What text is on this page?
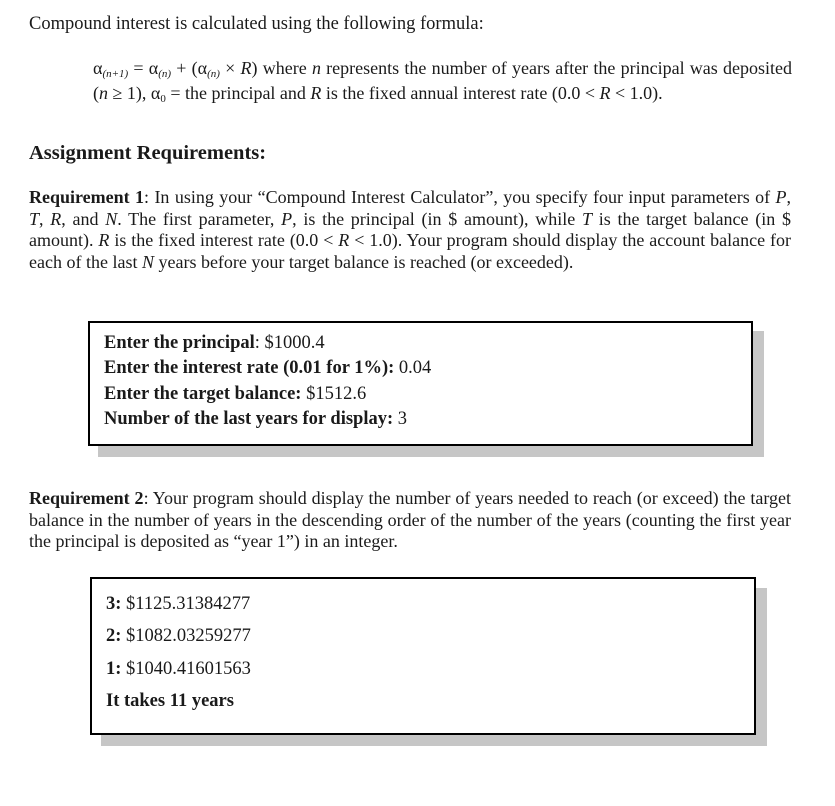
Compound interest is calculated using the following formula:
α(n+1) = α(n) + (α(n) × R) where n represents the number of years after the principal was deposited (n ≥ 1), α0 = the principal and R is the fixed annual interest rate (0.0 < R < 1.0).
Assignment Requirements:
Requirement 1: In using your “Compound Interest Calculator”, you specify four input parameters of P, T, R, and N. The first parameter, P, is the principal (in $ amount), while T is the target balance (in $ amount). R is the fixed interest rate (0.0 < R < 1.0). Your program should display the account balance for each of the last N years before your target balance is reached (or exceeded).
Enter the principal: $1000.4
Enter the interest rate (0.01 for 1%): 0.04
Enter the target balance: $1512.6
Number of the last years for display: 3
Requirement 2: Your program should display the number of years needed to reach (or exceed) the target balance in the number of years in the descending order of the number of the years (counting the first year the principal is deposited as “year 1”) in an integer.
3: $1125.31384277
2: $1082.03259277
1: $1040.41601563
It takes 11 years
